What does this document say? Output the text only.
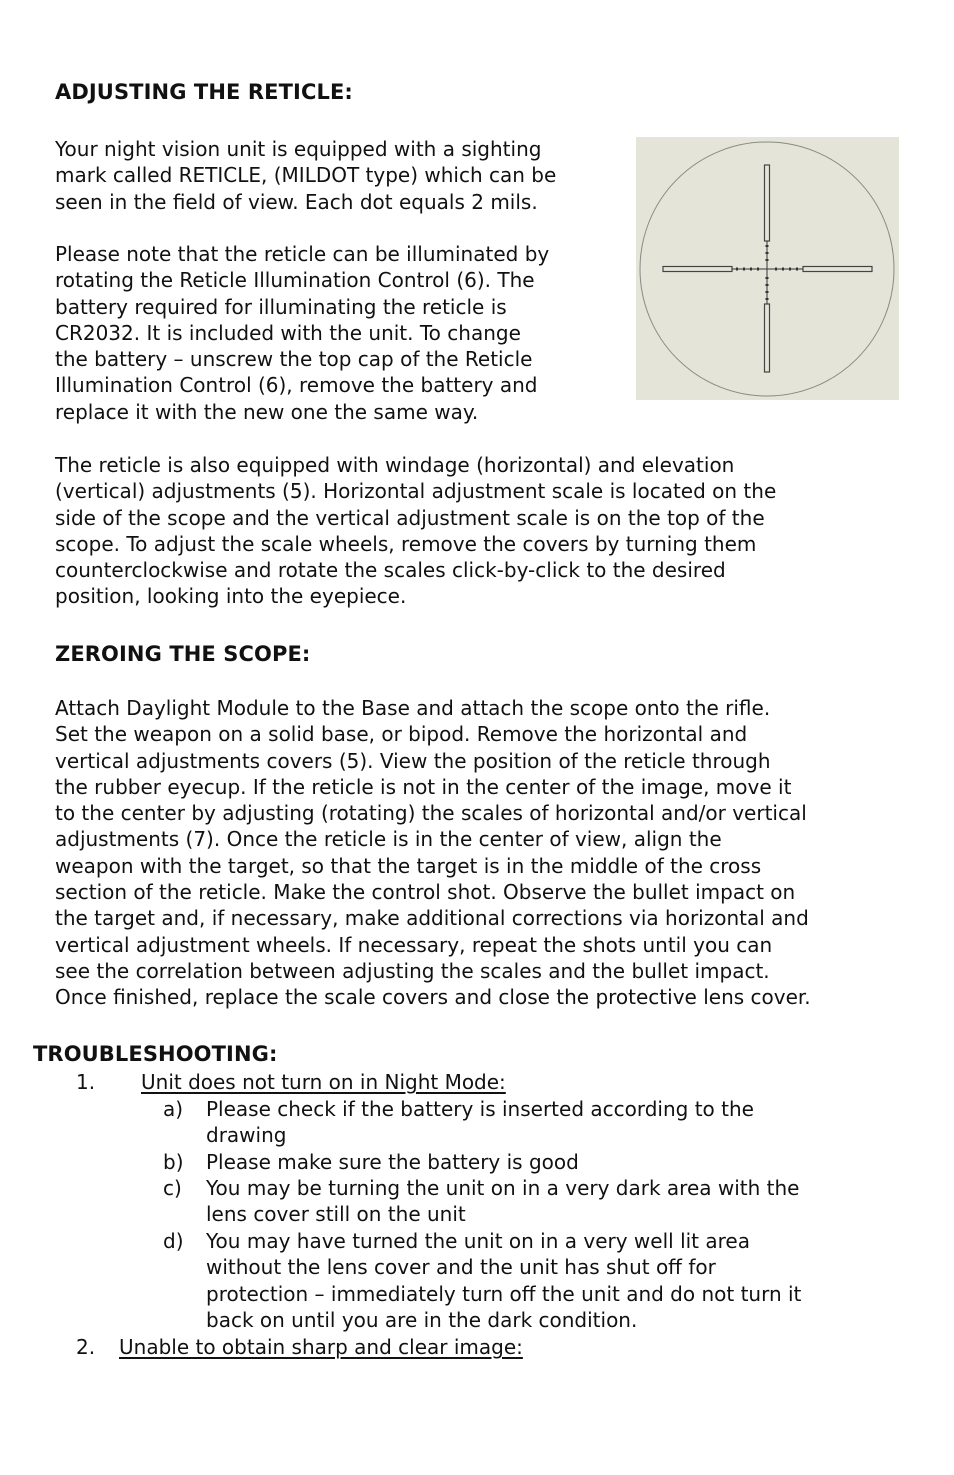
ADJUSTING THE RETICLE:

Your night vision unit is equipped with a sighting
mark called RETICLE, (MILDOT type) which can be
seen in the field of view. Each dot equals 2 mils.

Please note that the reticle can be illuminated by
rotating the Reticle Illumination Control (6). The
battery required for illuminating the reticle is
CR2032. It is included with the unit. To change
the battery – unscrew the top cap of the Reticle
Illumination Control (6), remove the battery and
replace it with the new one the same way.

The reticle is also equipped with windage (horizontal) and elevation
(vertical) adjustments (5). Horizontal adjustment scale is located on the
side of the scope and the vertical adjustment scale is on the top of the
scope. To adjust the scale wheels, remove the covers by turning them
counterclockwise and rotate the scales click-by-click to the desired
position, looking into the eyepiece.

ZEROING THE SCOPE:

Attach Daylight Module to the Base and attach the scope onto the rifle.
Set the weapon on a solid base, or bipod. Remove the horizontal and
vertical adjustments covers (5). View the position of the reticle through
the rubber eyecup. If the reticle is not in the center of the image, move it
to the center by adjusting (rotating) the scales of horizontal and/or vertical
adjustments (7). Once the reticle is in the center of view, align the
weapon with the target, so that the target is in the middle of the cross
section of the reticle. Make the control shot. Observe the bullet impact on
the target and, if necessary, make additional corrections via horizontal and
vertical adjustment wheels. If necessary, repeat the shots until you can
see the correlation between adjusting the scales and the bullet impact.
Once finished, replace the scale covers and close the protective lens cover.

TROUBLESHOOTING:
1. Unit does not turn on in Night Mode:
a) Please check if the battery is inserted according to the
drawing
b) Please make sure the battery is good
c) You may be turning the unit on in a very dark area with the
lens cover still on the unit
d) You may have turned the unit on in a very well lit area
without the lens cover and the unit has shut off for
protection – immediately turn off the unit and do not turn it
back on until you are in the dark condition.
2. Unable to obtain sharp and clear image:
